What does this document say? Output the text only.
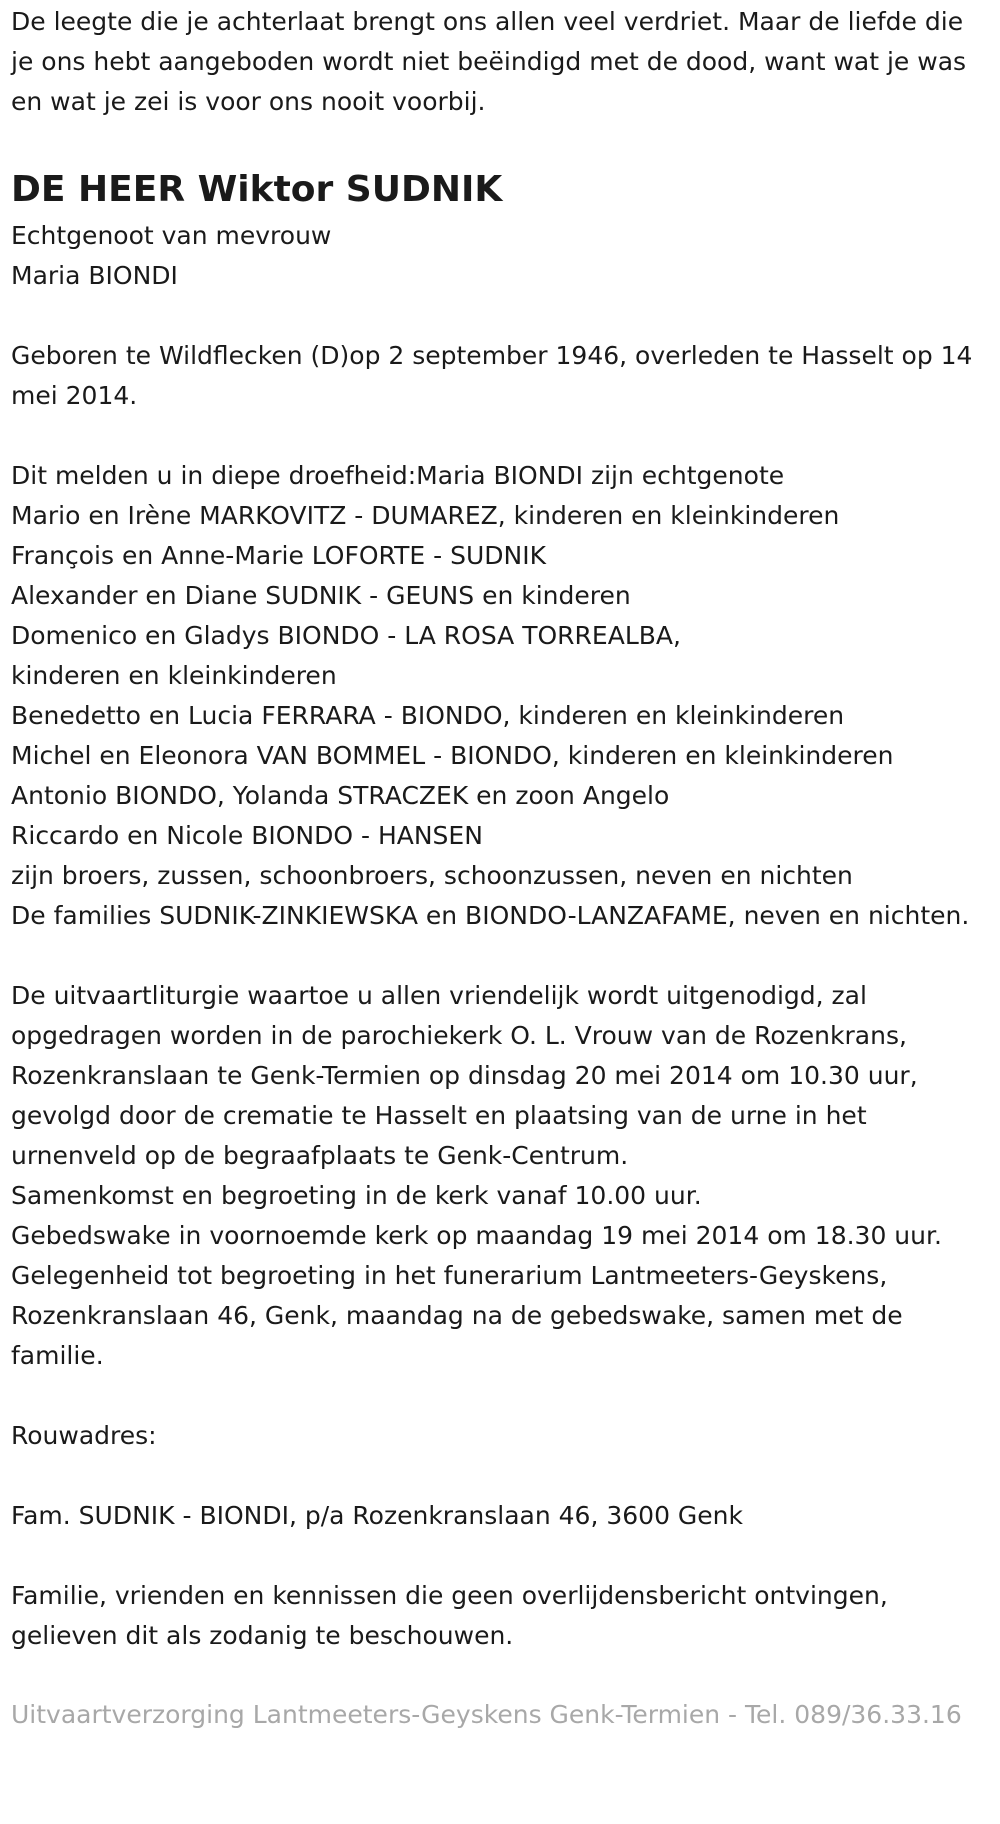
De leegte die je achterlaat brengt ons allen veel verdriet. Maar de liefde die je ons hebt aangeboden wordt niet beëindigd met de dood, want wat je was en wat je zei is voor ons nooit voorbij.

DE HEER Wiktor SUDNIK

Echtgenoot van mevrouw
Maria BIONDI

Geboren te Wildflecken (D)op 2 september 1946, overleden te Hasselt op 14 mei 2014.

Dit melden u in diepe droefheid:Maria BIONDI zijn echtgenote
Mario en Irène MARKOVITZ - DUMAREZ, kinderen en kleinkinderen
François en Anne-Marie LOFORTE - SUDNIK
Alexander en Diane SUDNIK - GEUNS en kinderen
Domenico en Gladys BIONDO - LA ROSA TORREALBA,
kinderen en kleinkinderen
Benedetto en Lucia FERRARA - BIONDO, kinderen en kleinkinderen
Michel en Eleonora VAN BOMMEL - BIONDO, kinderen en kleinkinderen
Antonio BIONDO, Yolanda STRACZEK en zoon Angelo
Riccardo en Nicole BIONDO - HANSEN
zijn broers, zussen, schoonbroers, schoonzussen, neven en nichten
De families SUDNIK-ZINKIEWSKA en BIONDO-LANZAFAME, neven en nichten.

De uitvaartliturgie waartoe u allen vriendelijk wordt uitgenodigd, zal opgedragen worden in de parochiekerk O. L. Vrouw van de Rozenkrans, Rozenkranslaan te Genk-Termien op dinsdag 20 mei 2014 om 10.30 uur, gevolgd door de crematie te Hasselt en plaatsing van de urne in het urnenveld op de begraafplaats te Genk-Centrum.
Samenkomst en begroeting in de kerk vanaf 10.00 uur.
Gebedswake in voornoemde kerk op maandag 19 mei 2014 om 18.30 uur.
Gelegenheid tot begroeting in het funerarium Lantmeeters-Geyskens, Rozenkranslaan 46, Genk, maandag na de gebedswake, samen met de familie.

Rouwadres:

Fam. SUDNIK - BIONDI, p/a Rozenkranslaan 46, 3600 Genk

Familie, vrienden en kennissen die geen overlijdensbericht ontvingen, gelieven dit als zodanig te beschouwen.

Uitvaartverzorging Lantmeeters-Geyskens Genk-Termien - Tel. 089/36.33.16
